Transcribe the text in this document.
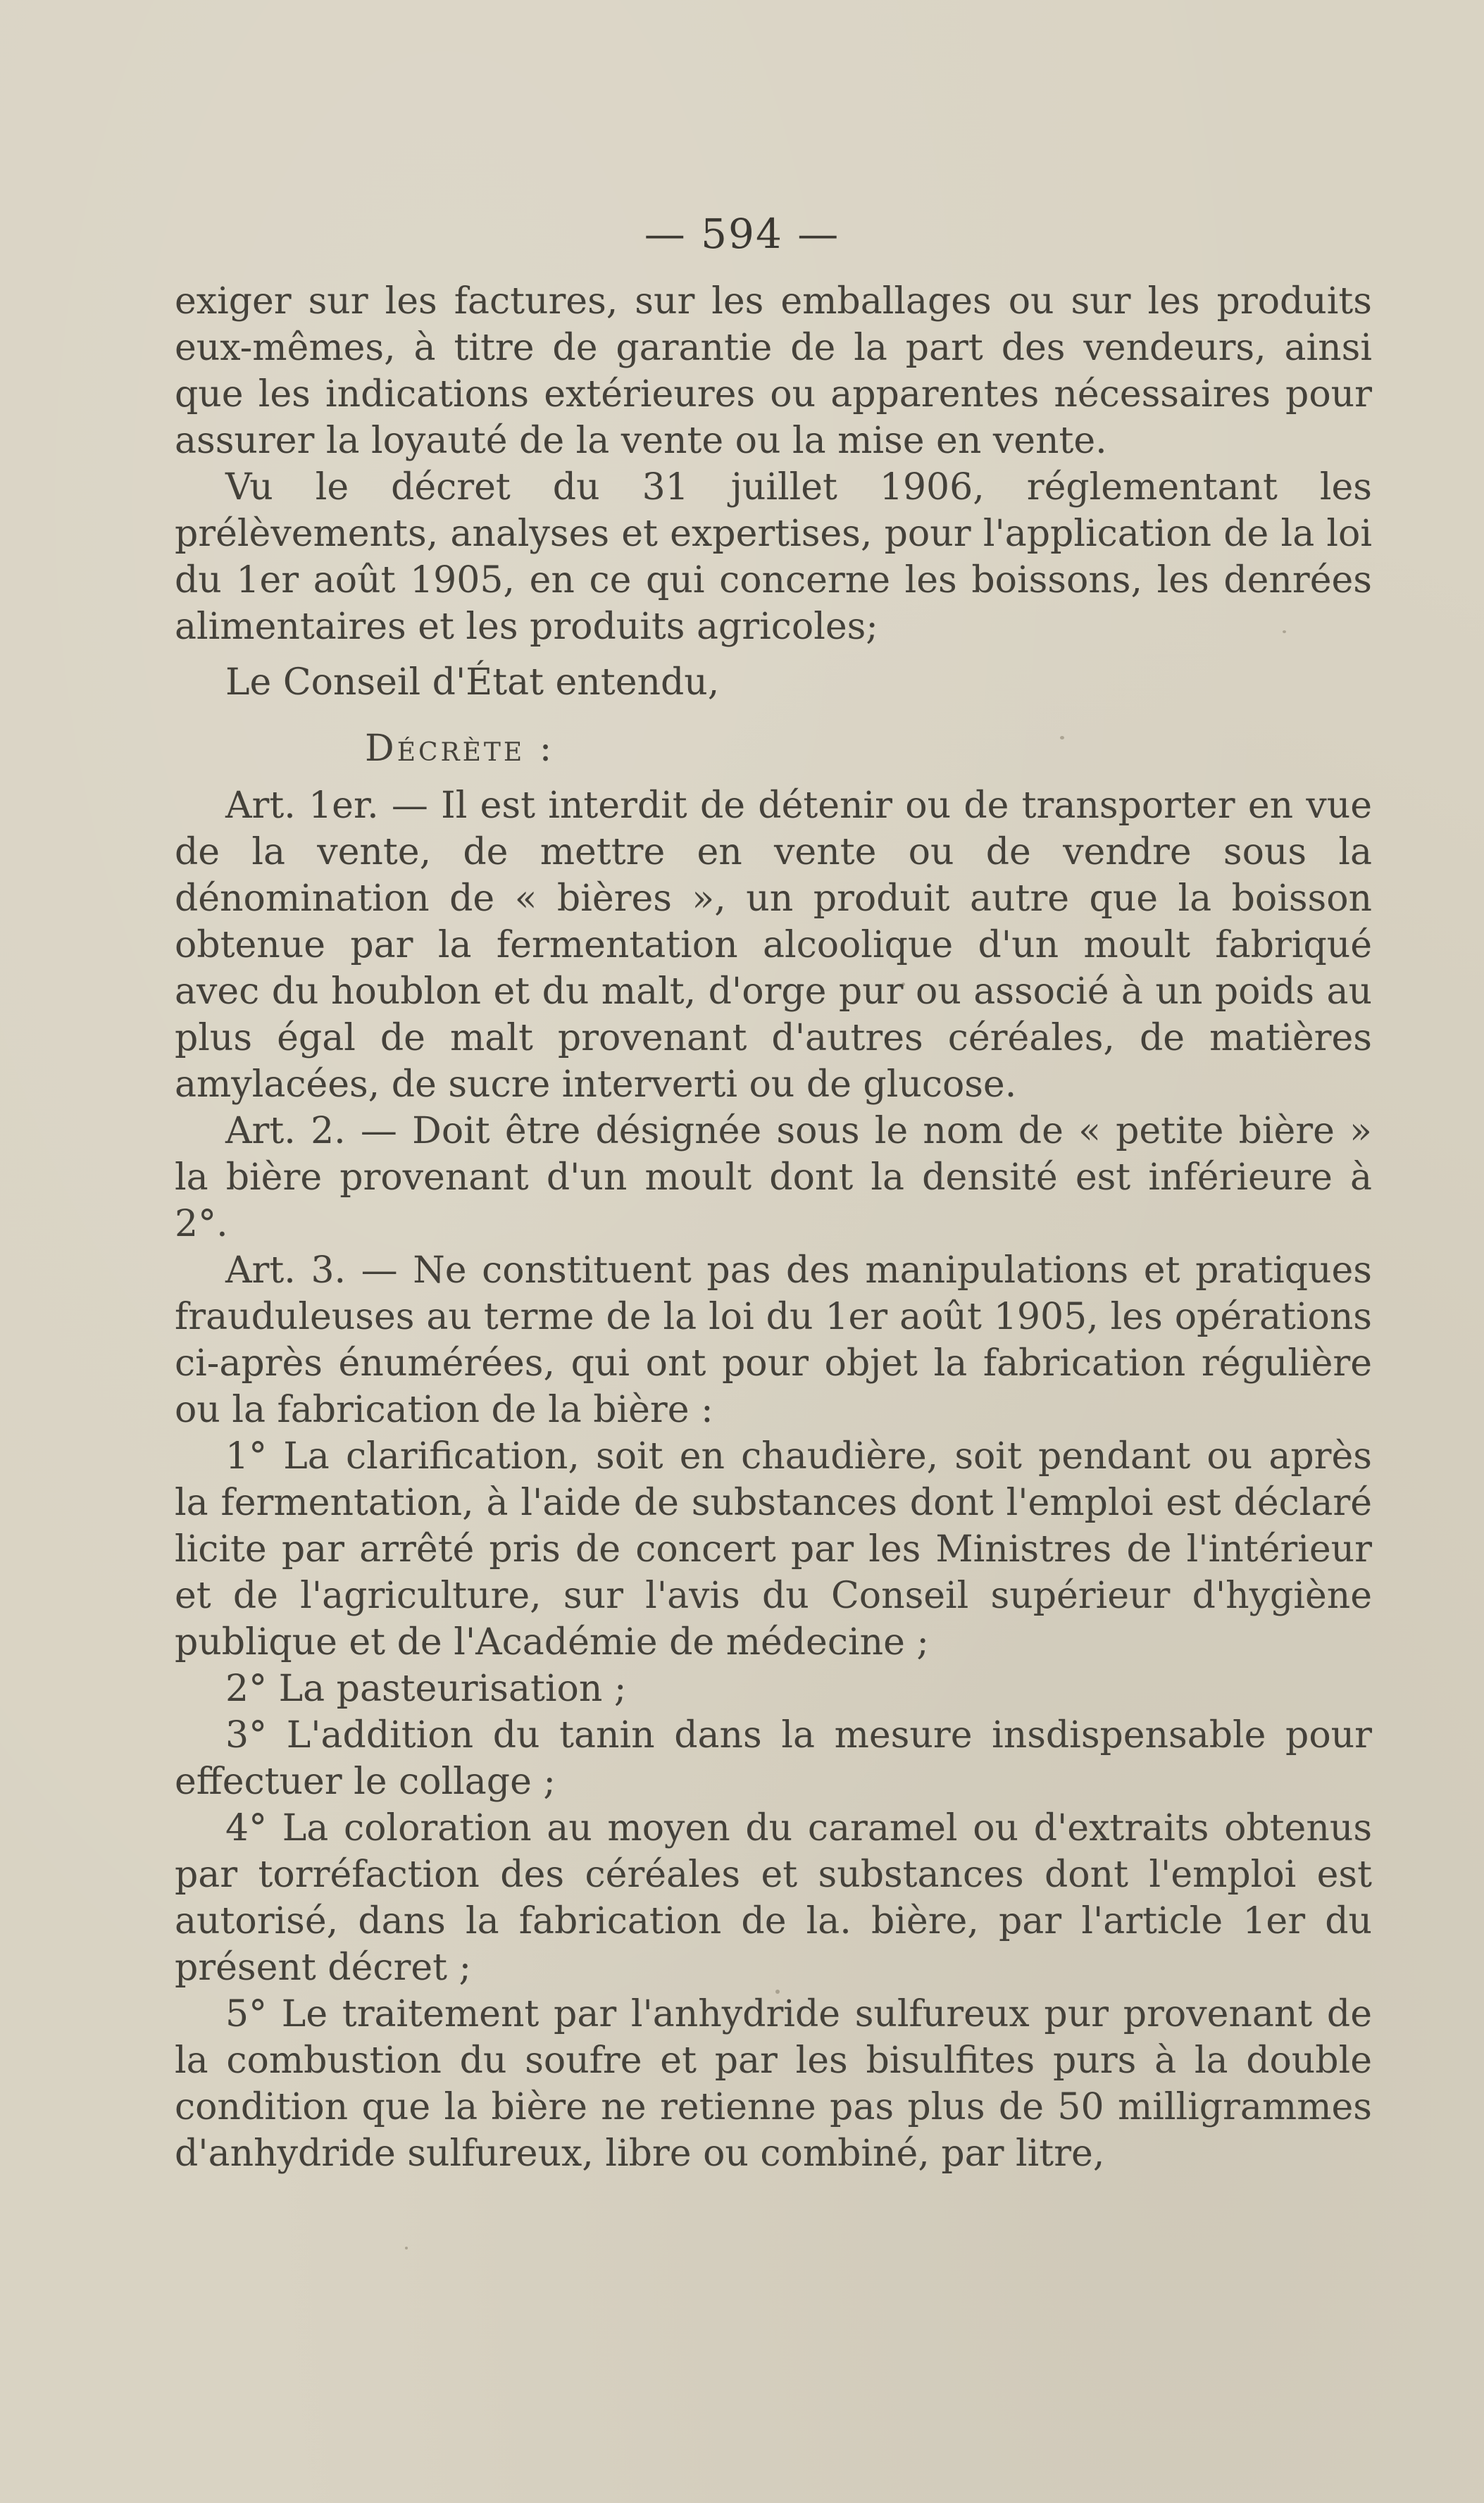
— 594 —

exiger sur les factures, sur les emballages ou sur les produits eux-mêmes, à titre de garantie de la part des vendeurs, ainsi que les indications extérieures ou apparentes nécessaires pour assurer la loyauté de la vente ou la mise en vente.

Vu le décret du 31 juillet 1906, réglementant les prélèvements, analyses et expertises, pour l'application de la loi du 1er août 1905, en ce qui concerne les boissons, les denrées alimentaires et les produits agricoles;

Le Conseil d'État entendu,

Décrète :

Art. 1er. — Il est interdit de détenir ou de transporter en vue de la vente, de mettre en vente ou de vendre sous la dénomination de « bières », un produit autre que la boisson obtenue par la fermentation alcoolique d'un moult fabriqué avec du houblon et du malt, d'orge pur ou associé à un poids au plus égal de malt provenant d'autres céréales, de matières amylacées, de sucre interverti ou de glucose.

Art. 2. — Doit être désignée sous le nom de « petite bière » la bière provenant d'un moult dont la densité est inférieure à 2°.

Art. 3. — Ne constituent pas des manipulations et pratiques frauduleuses au terme de la loi du 1er août 1905, les opérations ci-après énumérées, qui ont pour objet la fabrication régulière ou la fabrication de la bière :

1° La clarification, soit en chaudière, soit pendant ou après la fermentation, à l'aide de substances dont l'emploi est déclaré licite par arrêté pris de concert par les Ministres de l'intérieur et de l'agriculture, sur l'avis du Conseil supérieur d'hygiène publique et de l'Académie de médecine ;

2° La pasteurisation ;

3° L'addition du tanin dans la mesure insdispensable pour effectuer le collage ;

4° La coloration au moyen du caramel ou d'extraits obtenus par torréfaction des céréales et substances dont l'emploi est autorisé, dans la fabrication de la. bière, par l'article 1er du présent décret ;

5° Le traitement par l'anhydride sulfureux pur provenant de la combustion du soufre et par les bisulfites purs à la double condition que la bière ne retienne pas plus de 50 milligrammes d'anhydride sulfureux, libre ou combiné, par litre,
